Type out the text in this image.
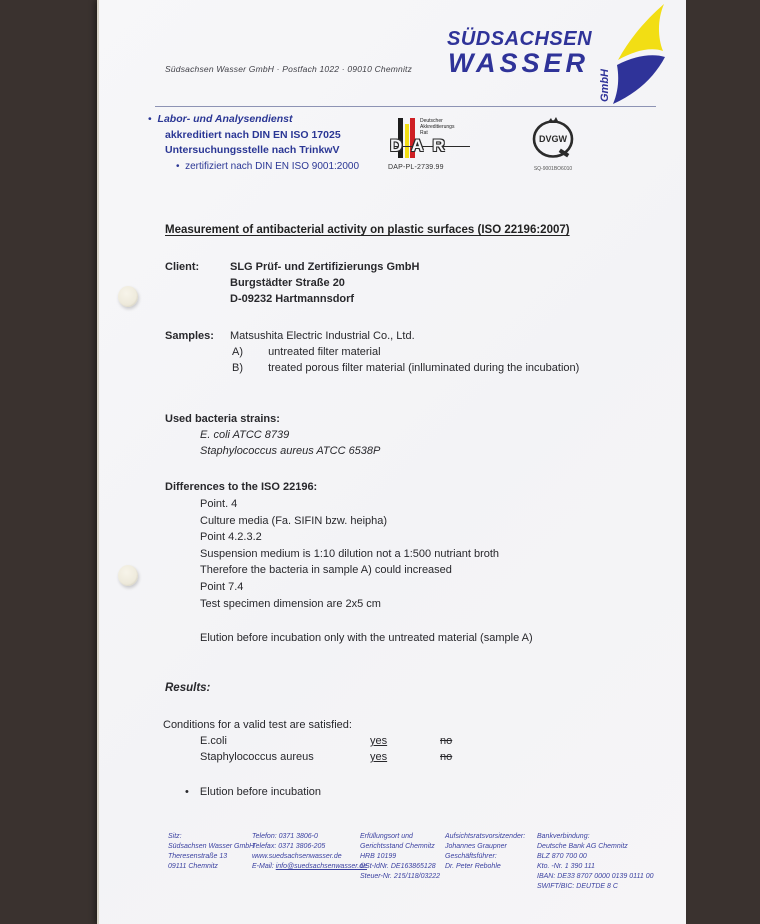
Südsachsen Wasser GmbH · Postfach 1022 · 09010 Chemnitz
SÜDSACHSEN
WASSER
GmbH
• Labor- und Analysendienst
akkreditiert nach DIN EN ISO 17025
Untersuchungsstelle nach TrinkwV
• zertifiziert nach DIN EN ISO 9001:2000
Deutscher
Akkreditierungs
Rat
DAR
DAP-PL-2739.99
DVGW
SQ-9001BO6010
Measurement of antibacterial activity on plastic surfaces (ISO 22196:2007)
Client:	SLG Prüf- und Zertifizierungs GmbH
Burgstädter Straße 20
D-09232 Hartmannsdorf
Samples: Matsushita Electric Industrial Co., Ltd.
A) untreated filter material
B) treated porous filter material (inlluminated during the incubation)
Used bacteria strains:
E. coli ATCC 8739
Staphylococcus aureus ATCC 6538P
Differences to the ISO 22196:
Point. 4
Culture media (Fa. SIFIN bzw. heipha)
Point 4.2.3.2
Suspension medium is 1:10 dilution not a 1:500 nutriant broth
Therefore the bacteria in sample A) could increased
Point 7.4
Test specimen dimension are 2x5 cm
Elution before incubation only with the untreated material (sample A)
Results:
Conditions for a valid test are satisfied:
E.coli	yes	no
Staphylococcus aureus	yes	no
• Elution before incubation
Sitz:
Südsachsen Wasser GmbH
Theresenstraße 13
09111 Chemnitz
Telefon: 0371 3806-0
Telefax: 0371 3806-205
www.suedsachsenwasser.de
E-Mail: info@suedsachsenwasser.de
Erfüllungsort und
Gerichtsstand Chemnitz
HRB 10199
USt-IdNr. DE163865128
Steuer-Nr. 215/118/03222
Aufsichtsratsvorsitzender:
Johannes Graupner
Geschäftsführer:
Dr. Peter Rebohle
Bankverbindung:
Deutsche Bank AG Chemnitz
BLZ 870 700 00
Kto. -Nr. 1 390 111
IBAN: DE33 8707 0000 0139 0111 00
SWIFT/BIC: DEUTDE 8 C
